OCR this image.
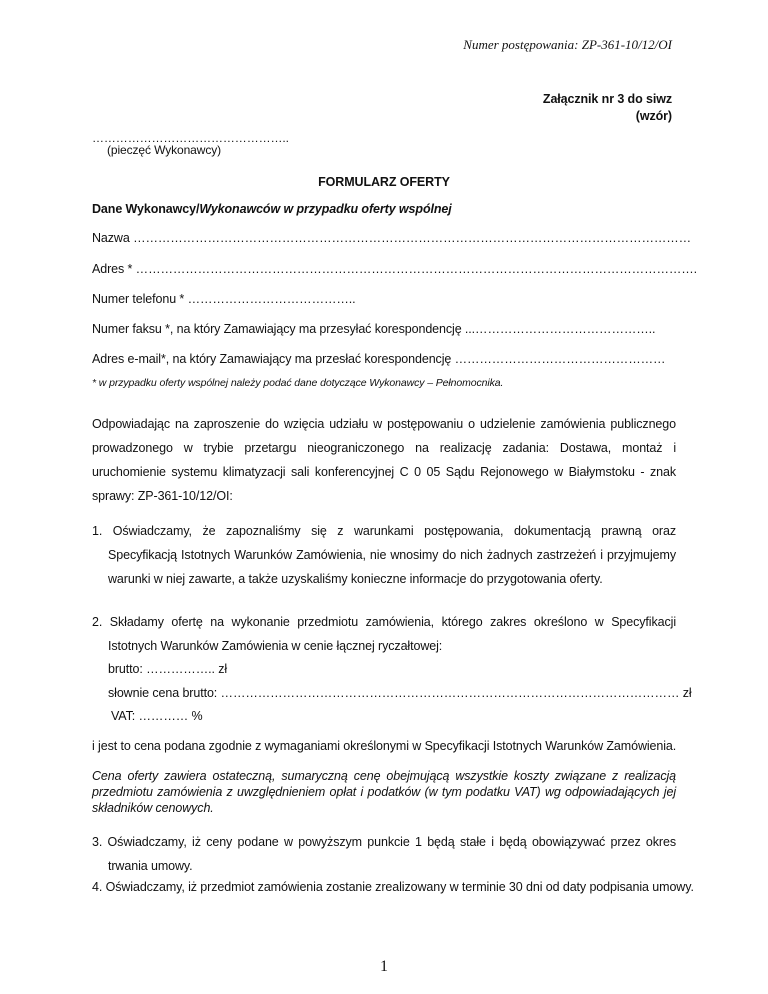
Numer postępowania: ZP-361-10/12/OI
Załącznik nr 3 do siwz
(wzór)
…………………………………………..
(pieczęć Wykonawcy)
FORMULARZ OFERTY
Dane Wykonawcy/Wykonawców w przypadku oferty wspólnej
Nazwa ………………………………………………………………………………………………………………………
Adres * ……………………………………………………………………………………………………………………….
Numer telefonu * …………………………………..
Numer faksu *, na który Zamawiający ma przesyłać korespondencję ...……………………………………..
Adres e-mail*, na który Zamawiający ma przesłać korespondencję ……………………………………………
* w przypadku oferty wspólnej należy podać dane dotyczące Wykonawcy – Pełnomocnika.
Odpowiadając na zaproszenie do wzięcia udziału w postępowaniu o udzielenie zamówienia publicznego prowadzonego w trybie przetargu nieograniczonego na realizację zadania: Dostawa, montaż i uruchomienie systemu klimatyzacji sali konferencyjnej C 0 05 Sądu Rejonowego w Białymstoku - znak sprawy: ZP-361-10/12/OI:
1. Oświadczamy, że zapoznaliśmy się z warunkami postępowania, dokumentacją prawną oraz Specyfikacją Istotnych Warunków Zamówienia, nie wnosimy do nich żadnych zastrzeżeń i przyjmujemy warunki w niej zawarte, a także uzyskaliśmy konieczne informacje do przygotowania oferty.
2. Składamy ofertę na wykonanie przedmiotu zamówienia, którego zakres określono w Specyfikacji Istotnych Warunków Zamówienia w cenie łącznej ryczałtowej:
brutto: …………….. zł
słownie cena brutto: ………………………………………………………………………………………………… zł
VAT: ………… %
i jest to cena podana zgodnie z wymaganiami określonymi w Specyfikacji Istotnych Warunków Zamówienia.
Cena oferty zawiera ostateczną, sumaryczną cenę obejmującą wszystkie koszty związane z realizacją przedmiotu zamówienia z uwzględnieniem opłat i podatków (w tym podatku VAT) wg odpowiadających jej składników cenowych.
3. Oświadczamy, iż ceny podane w powyższym punkcie 1 będą stałe i będą obowiązywać przez okres trwania umowy.
4. Oświadczamy, iż przedmiot zamówienia zostanie zrealizowany w terminie 30 dni od daty podpisania umowy.
1
